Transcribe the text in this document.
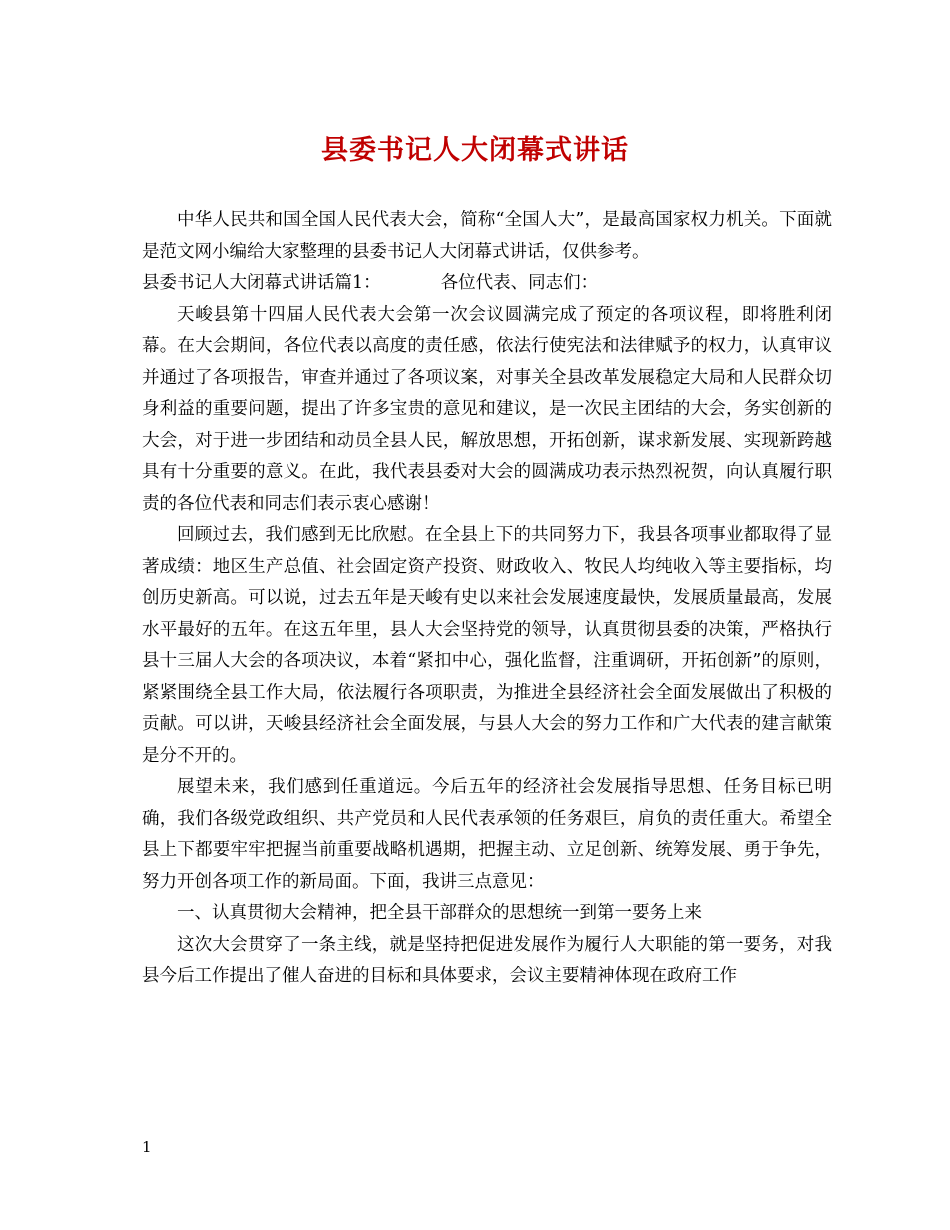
县委书记人大闭幕式讲话

中华人民共和国全国人民代表大会，简称“全国人大”，是最高国家权力机关。下面就是范文网小编给大家整理的县委书记人大闭幕式讲话，仅供参考。

县委书记人大闭幕式讲话篇1：	各位代表、同志们：

天峻县第十四届人民代表大会第一次会议圆满完成了预定的各项议程，即将胜利闭幕。在大会期间，各位代表以高度的责任感，依法行使宪法和法律赋予的权力，认真审议并通过了各项报告，审查并通过了各项议案，对事关全县改革发展稳定大局和人民群众切身利益的重要问题，提出了许多宝贵的意见和建议，是一次民主团结的大会，务实创新的大会，对于进一步团结和动员全县人民，解放思想，开拓创新，谋求新发展、实现新跨越具有十分重要的意义。在此，我代表县委对大会的圆满成功表示热烈祝贺，向认真履行职责的各位代表和同志们表示衷心感谢！

回顾过去，我们感到无比欣慰。在全县上下的共同努力下，我县各项事业都取得了显著成绩：地区生产总值、社会固定资产投资、财政收入、牧民人均纯收入等主要指标，均创历史新高。可以说，过去五年是天峻有史以来社会发展速度最快，发展质量最高，发展水平最好的五年。在这五年里，县人大会坚持党的领导，认真贯彻县委的决策，严格执行县十三届人大会的各项决议，本着“紧扣中心，强化监督，注重调研，开拓创新”的原则，紧紧围绕全县工作大局，依法履行各项职责，为推进全县经济社会全面发展做出了积极的贡献。可以讲，天峻县经济社会全面发展，与县人大会的努力工作和广大代表的建言献策是分不开的。

展望未来，我们感到任重道远。今后五年的经济社会发展指导思想、任务目标已明确，我们各级党政组织、共产党员和人民代表承领的任务艰巨，肩负的责任重大。希望全县上下都要牢牢把握当前重要战略机遇期，把握主动、立足创新、统筹发展、勇于争先，努力开创各项工作的新局面。下面，我讲三点意见：

一、认真贯彻大会精神，把全县干部群众的思想统一到第一要务上来

这次大会贯穿了一条主线，就是坚持把促进发展作为履行人大职能的第一要务，对我县今后工作提出了催人奋进的目标和具体要求，会议主要精神体现在政府工作

1
